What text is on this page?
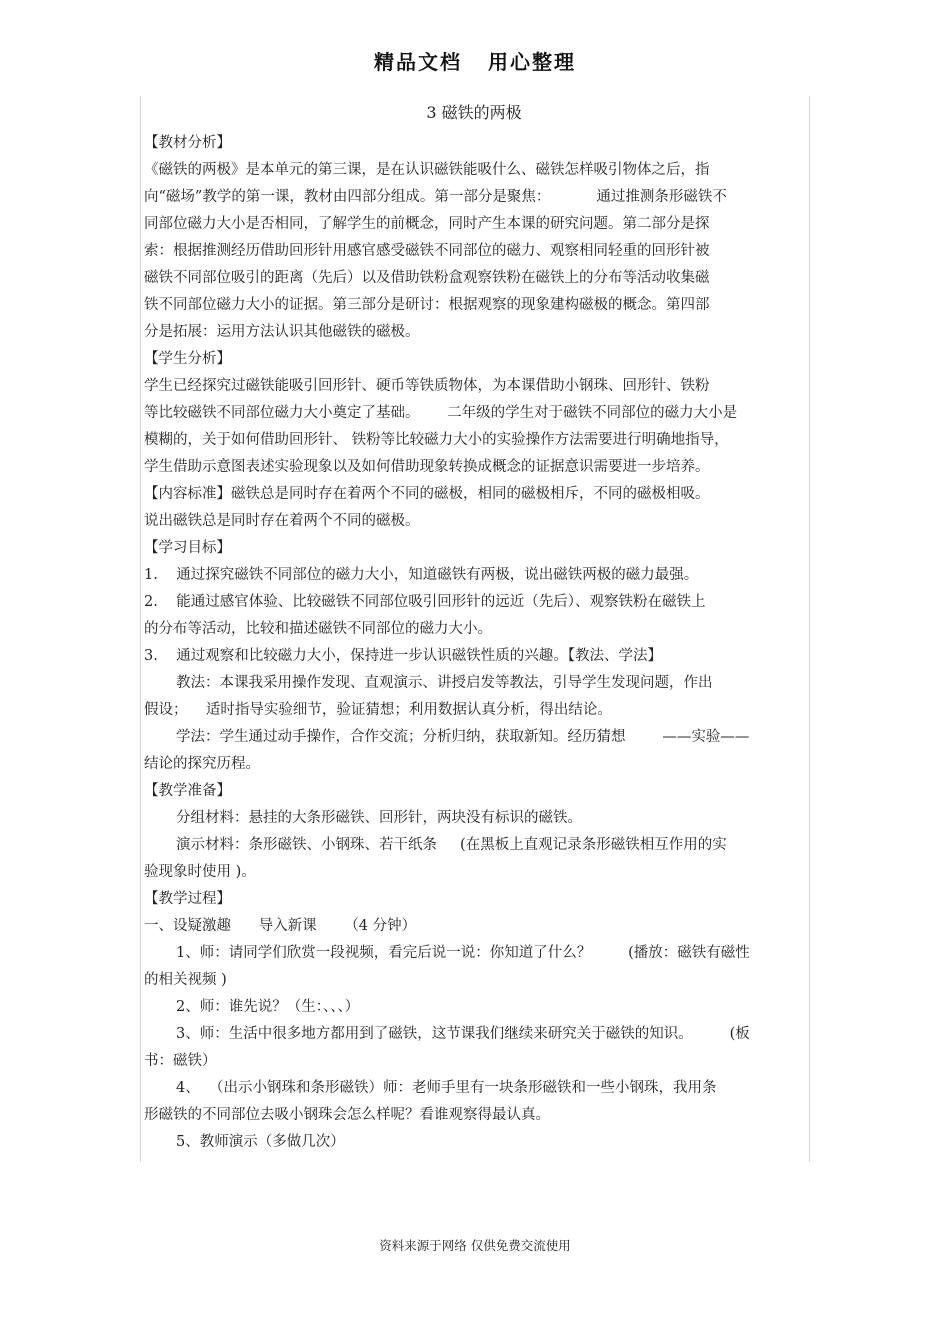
精品文档 用心整理
3 磁铁的两极
【教材分析】
《磁铁的两极》是本单元的第三课，是在认识磁铁能吸什么、磁铁怎样吸引物体之后，指
向“磁场”教学的第一课，教材由四部分组成。第一部分是聚焦：          通过推测条形磁铁不
同部位磁力大小是否相同，了解学生的前概念，同时产生本课的研究问题。第二部分是探
索：根据推测经历借助回形针用感官感受磁铁不同部位的磁力、观察相同轻重的回形针被
磁铁不同部位吸引的距离（先后）以及借助铁粉盒观察铁粉在磁铁上的分布等活动收集磁
铁不同部位磁力大小的证据。第三部分是研讨：根据观察的现象建构磁极的概念。第四部
分是拓展：运用方法认识其他磁铁的磁极。
【学生分析】
学生已经探究过磁铁能吸引回形针、硬币等铁质物体，为本课借助小钢珠、回形针、铁粉
等比较磁铁不同部位磁力大小奠定了基础。      二年级的学生对于磁铁不同部位的磁力大小是
模糊的，关于如何借助回形针、 铁粉等比较磁力大小的实验操作方法需要进行明确地指导，
学生借助示意图表述实验现象以及如何借助现象转换成概念的证据意识需要进一步培养。
【内容标准】磁铁总是同时存在着两个不同的磁极，相同的磁极相斥，不同的磁极相吸。
说出磁铁总是同时存在着两个不同的磁极。
【学习目标】
1.    通过探究磁铁不同部位的磁力大小，知道磁铁有两极，说出磁铁两极的磁力最强。
2.    能通过感官体验、比较磁铁不同部位吸引回形针的远近（先后）、观察铁粉在磁铁上
的分布等活动，比较和描述磁铁不同部位的磁力大小。
3.    通过观察和比较磁力大小，保持进一步认识磁铁性质的兴趣。【教法、学法】
教法：本课我采用操作发现、直观演示、讲授启发等教法，引导学生发现问题，作出
假设；    适时指导实验细节，验证猜想；利用数据认真分析，得出结论。
学法：学生通过动手操作，合作交流；分析归纳，获取新知。经历猜想        ——实验——
结论的探究历程。
【教学准备】
分组材料：悬挂的大条形磁铁、回形针，两块没有标识的磁铁。
演示材料：条形磁铁、小钢珠、若干纸条     (在黑板上直观记录条形磁铁相互作用的实
验现象时使用 )。
【教学过程】
一、设疑激趣      导入新课      （4 分钟）
1、师：请同学们欣赏一段视频，看完后说一说：你知道了什么？        (播放：磁铁有磁性
的相关视频 )
2、师：谁先说？（生：、、、）
3、师：生活中很多地方都用到了磁铁，这节课我们继续来研究关于磁铁的知识。        (板
书：磁铁）
4、  （出示小钢珠和条形磁铁）师：老师手里有一块条形磁铁和一些小钢珠，我用条
形磁铁的不同部位去吸小钢珠会怎么样呢？看谁观察得最认真。
5、教师演示（多做几次）
资料来源于网络 仅供免费交流使用
